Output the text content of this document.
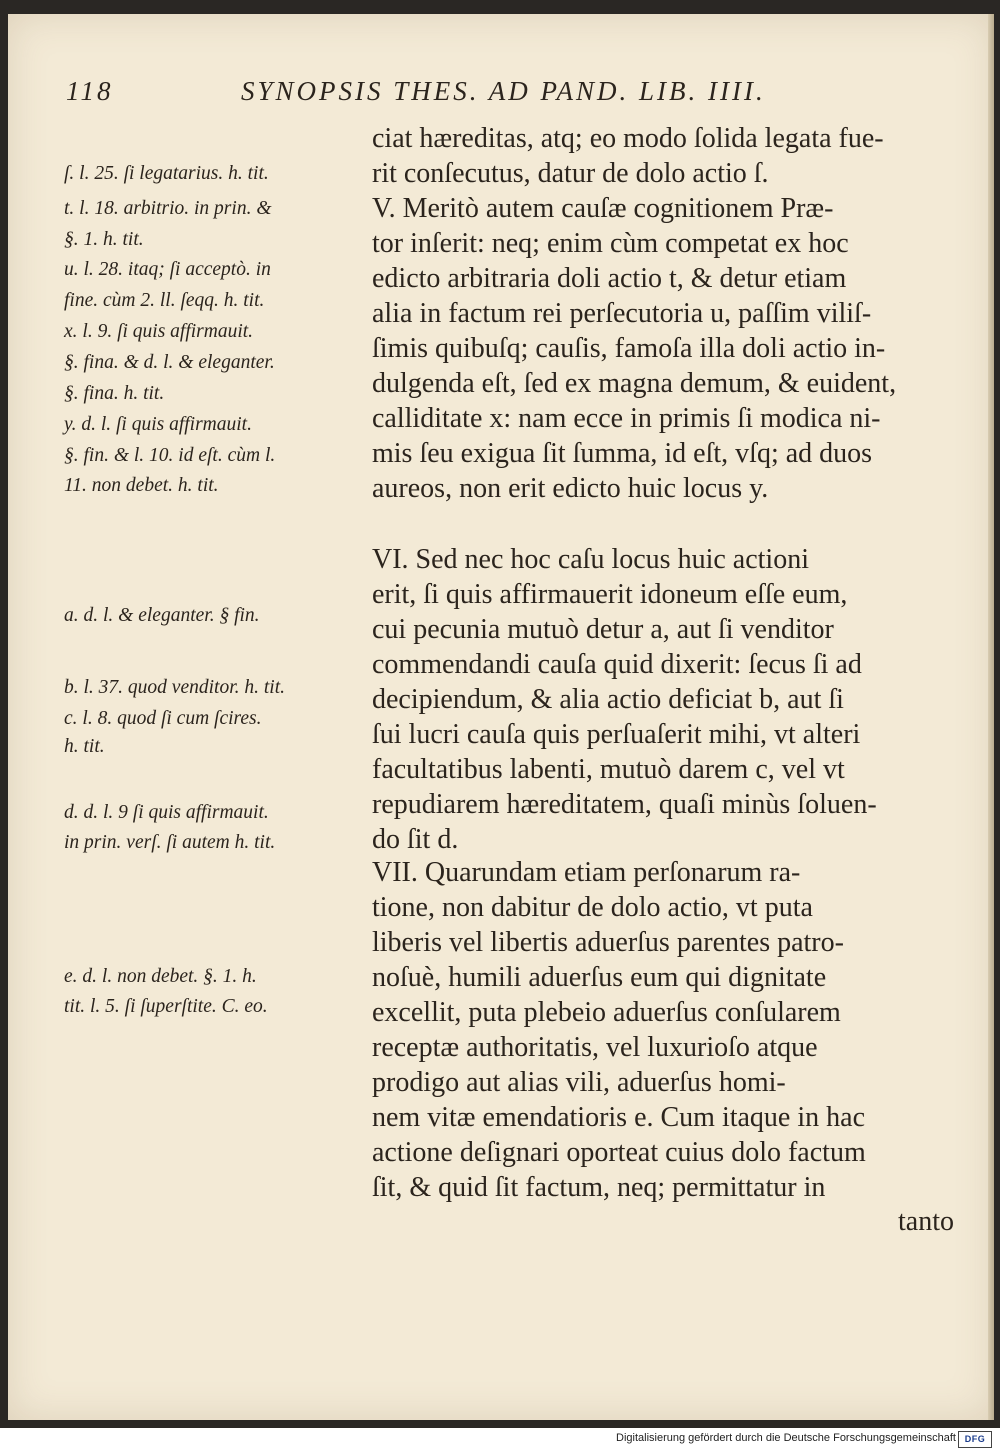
118	SYNOPSIS THES. AD PAND. LIB. IIII.
ſ. l. 25. ſi legatarius. h. tit.
t. l. 18. arbitrio. in prin. &
§. 1. h. tit.
u. l. 28. itaq; ſi acceptò. in
fine. cùm 2. ll. ſeqq. h. tit.
x. l. 9. ſi quis affirmauit.
§. fina. & d. l. & eleganter.
§. fina. h. tit.
y. d. l. ſi quis affirmauit.
§. fin. & l. 10. id eſt. cùm l.
11. non debet. h. tit.
a. d. l. & eleganter. § fin.
b. l. 37. quod venditor. h. tit.
c. l. 8. quod ſi cum ſcires.
h. tit.
d. d. l. 9 ſi quis affirmauit.
in prin. verſ. ſi autem h. tit.
e. d. l. non debet. §. 1. h.
tit. l. 5. ſi ſuperſtite. C. eo.
ciat hæreditas, atq; eo modo ſolida legata fue-
rit conſecutus, datur de dolo actio ſ.
V. Meritò autem cauſæ cognitionem Præ-
tor inſerit: neq; enim cùm competat ex hoc
edicto arbitraria doli actio t, & detur etiam
alia in factum rei perſecutoria u, paſſim viliſ-
ſimis quibuſq; cauſis, famoſa illa doli actio in-
dulgenda eſt, ſed ex magna demum, & euident,
calliditate x: nam ecce in primis ſi modica ni-
mis ſeu exigua ſit ſumma, id eſt, vſq; ad duos
aureos, non erit edicto huic locus y.
VI. Sed nec hoc caſu locus huic actioni
erit, ſi quis affirmauerit idoneum eſſe eum,
cui pecunia mutuò detur a, aut ſi venditor
commendandi cauſa quid dixerit: ſecus ſi ad
decipiendum, & alia actio deficiat b, aut ſi
ſui lucri cauſa quis perſuaſerit mihi, vt alteri
facultatibus labenti, mutuò darem c, vel vt
repudiarem hæreditatem, quaſi minùs ſoluen-
do ſit d.
VII. Quarundam etiam perſonarum ra-
tione, non dabitur de dolo actio, vt puta
liberis vel libertis aduerſus parentes patro-
noſuè, humili aduerſus eum qui dignitate
excellit, puta plebeio aduerſus conſularem
receptæ authoritatis, vel luxurioſo atque
prodigo aut alias vili, aduerſus homi-
nem vitæ emendatioris e. Cum itaque in hac
actione deſignari oporteat cuius dolo factum
ſit, & quid ſit factum, neq; permittatur in
tanto
Digitalisierung gefördert durch die Deutsche Forschungsgemeinschaft DFG
